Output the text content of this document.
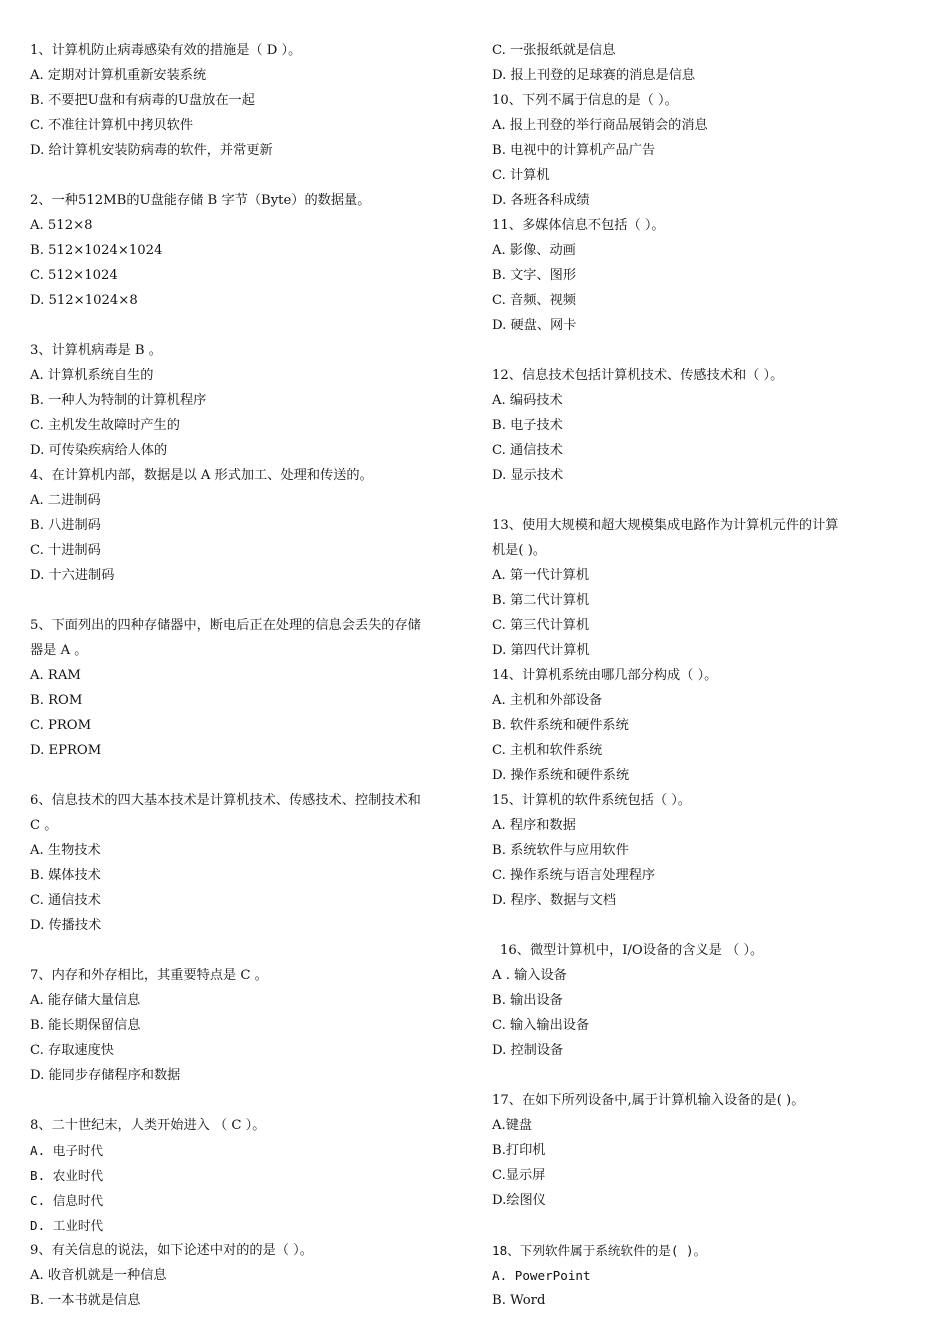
1、计算机防止病毒感染有效的措施是（ D ）。
A. 定期对计算机重新安装系统
B. 不要把U盘和有病毒的U盘放在一起
C. 不准往计算机中拷贝软件
D. 给计算机安装防病毒的软件，并常更新
2、一种512MB的U盘能存储 B 字节（Byte）的数据量。
A. 512×8
B. 512×1024×1024
C. 512×1024
D. 512×1024×8
3、计算机病毒是 B 。
A. 计算机系统自生的
B. 一种人为特制的计算机程序
C. 主机发生故障时产生的
D. 可传染疾病给人体的
4、在计算机内部，数据是以 A 形式加工、处理和传送的。
A. 二进制码
B. 八进制码
C. 十进制码
D. 十六进制码
5、下面列出的四种存储器中，断电后正在处理的信息会丢失的存储
器是 A 。
A. RAM
B. ROM
C. PROM
D. EPROM
6、信息技术的四大基本技术是计算机技术、传感技术、控制技术和
C 。
A. 生物技术
B. 媒体技术
C. 通信技术
D. 传播技术
7、内存和外存相比，其重要特点是 C 。
A. 能存储大量信息
B. 能长期保留信息
C. 存取速度快
D. 能同步存储程序和数据
8、二十世纪末，人类开始进入 （ C ）。
A. 电子时代
B. 农业时代
C. 信息时代
D. 工业时代
9、有关信息的说法，如下论述中对的的是（ ）。
A. 收音机就是一种信息
B. 一本书就是信息
C. 一张报纸就是信息
D. 报上刊登的足球赛的消息是信息
10、下列不属于信息的是（ ）。
A. 报上刊登的举行商品展销会的消息
B. 电视中的计算机产品广告
C. 计算机
D. 各班各科成绩
11、多媒体信息不包括（ ）。
A. 影像、动画
B. 文字、图形
C. 音频、视频
D. 硬盘、网卡
12、信息技术包括计算机技术、传感技术和（ ）。
A. 编码技术
B. 电子技术
C. 通信技术
D. 显示技术
13、使用大规模和超大规模集成电路作为计算机元件的计算
机是( )。
A. 第一代计算机
B. 第二代计算机
C. 第三代计算机
D. 第四代计算机
14、计算机系统由哪几部分构成（ ）。
A. 主机和外部设备
B. 软件系统和硬件系统
C. 主机和软件系统
D. 操作系统和硬件系统
15、计算机的软件系统包括（ ）。
A. 程序和数据
B. 系统软件与应用软件
C. 操作系统与语言处理程序
D. 程序、数据与文档
16、微型计算机中，I/O设备的含义是 （ ）。
A . 输入设备
B. 输出设备
C. 输入输出设备
D. 控制设备
17、在如下所列设备中,属于计算机输入设备的是( )。
A.键盘
B.打印机
C.显示屏
D.绘图仪
18、下列软件属于系统软件的是( )。
A. PowerPoint
B. Word
